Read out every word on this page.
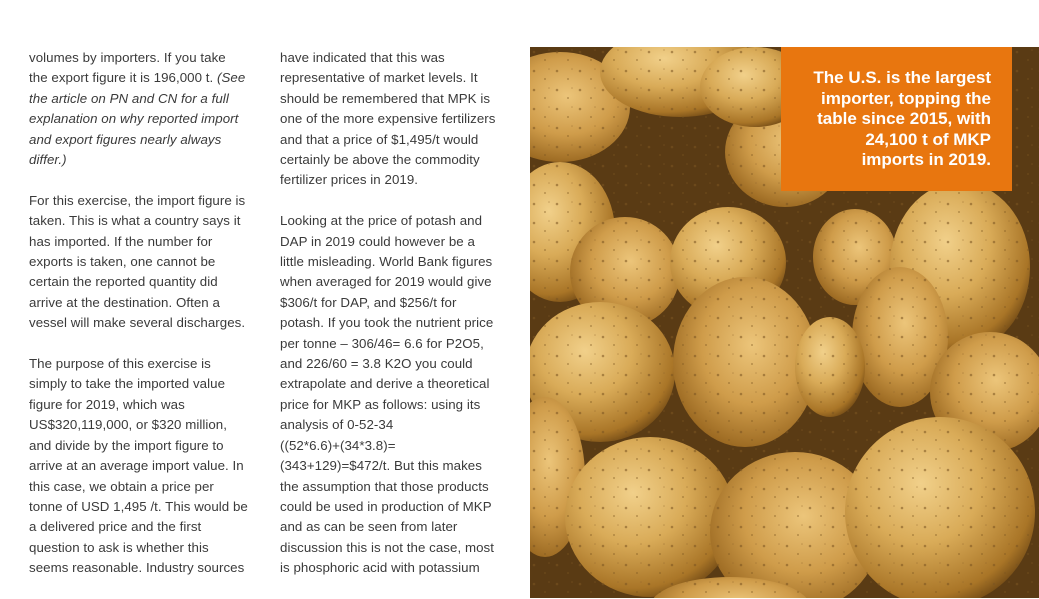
volumes by importers. If you take
the export figure it is 196,000 t. (See
the article on PN and CN for a full
explanation on why reported import
and export figures nearly always
differ.)

For this exercise, the import figure is
taken. This is what a country says it
has imported. If the number for
exports is taken, one cannot be
certain the reported quantity did
arrive at the destination. Often a
vessel will make several discharges.

The purpose of this exercise is
simply to take the imported value
figure for 2019, which was
US$320,119,000, or $320 million,
and divide by the import figure to
arrive at an average import value. In
this case, we obtain a price per
tonne of USD 1,495 /t. This would be
a delivered price and the first
question to ask is whether this
seems reasonable. Industry sources

have indicated that this was
representative of market levels. It
should be remembered that MPK is
one of the more expensive fertilizers
and that a price of $1,495/t would
certainly be above the commodity
fertilizer prices in 2019.

Looking at the price of potash and
DAP in 2019 could however be a
little misleading. World Bank figures
when averaged for 2019 would give
$306/t for DAP, and $256/t for
potash. If you took the nutrient price
per tonne – 306/46= 6.6 for P2O5,
and 226/60 = 3.8 K2O you could
extrapolate and derive a theoretical
price for MKP as follows: using its
analysis of 0-52-34
((52*6.6)+(34*3.8)=
(343+129)=$472/t. But this makes
the assumption that those products
could be used in production of MKP
and as can be seen from later
discussion this is not the case, most
is phosphoric acid with potassium

The U.S. is the largest
importer, topping the
table since 2015, with
24,100 t of MKP
imports in 2019.
